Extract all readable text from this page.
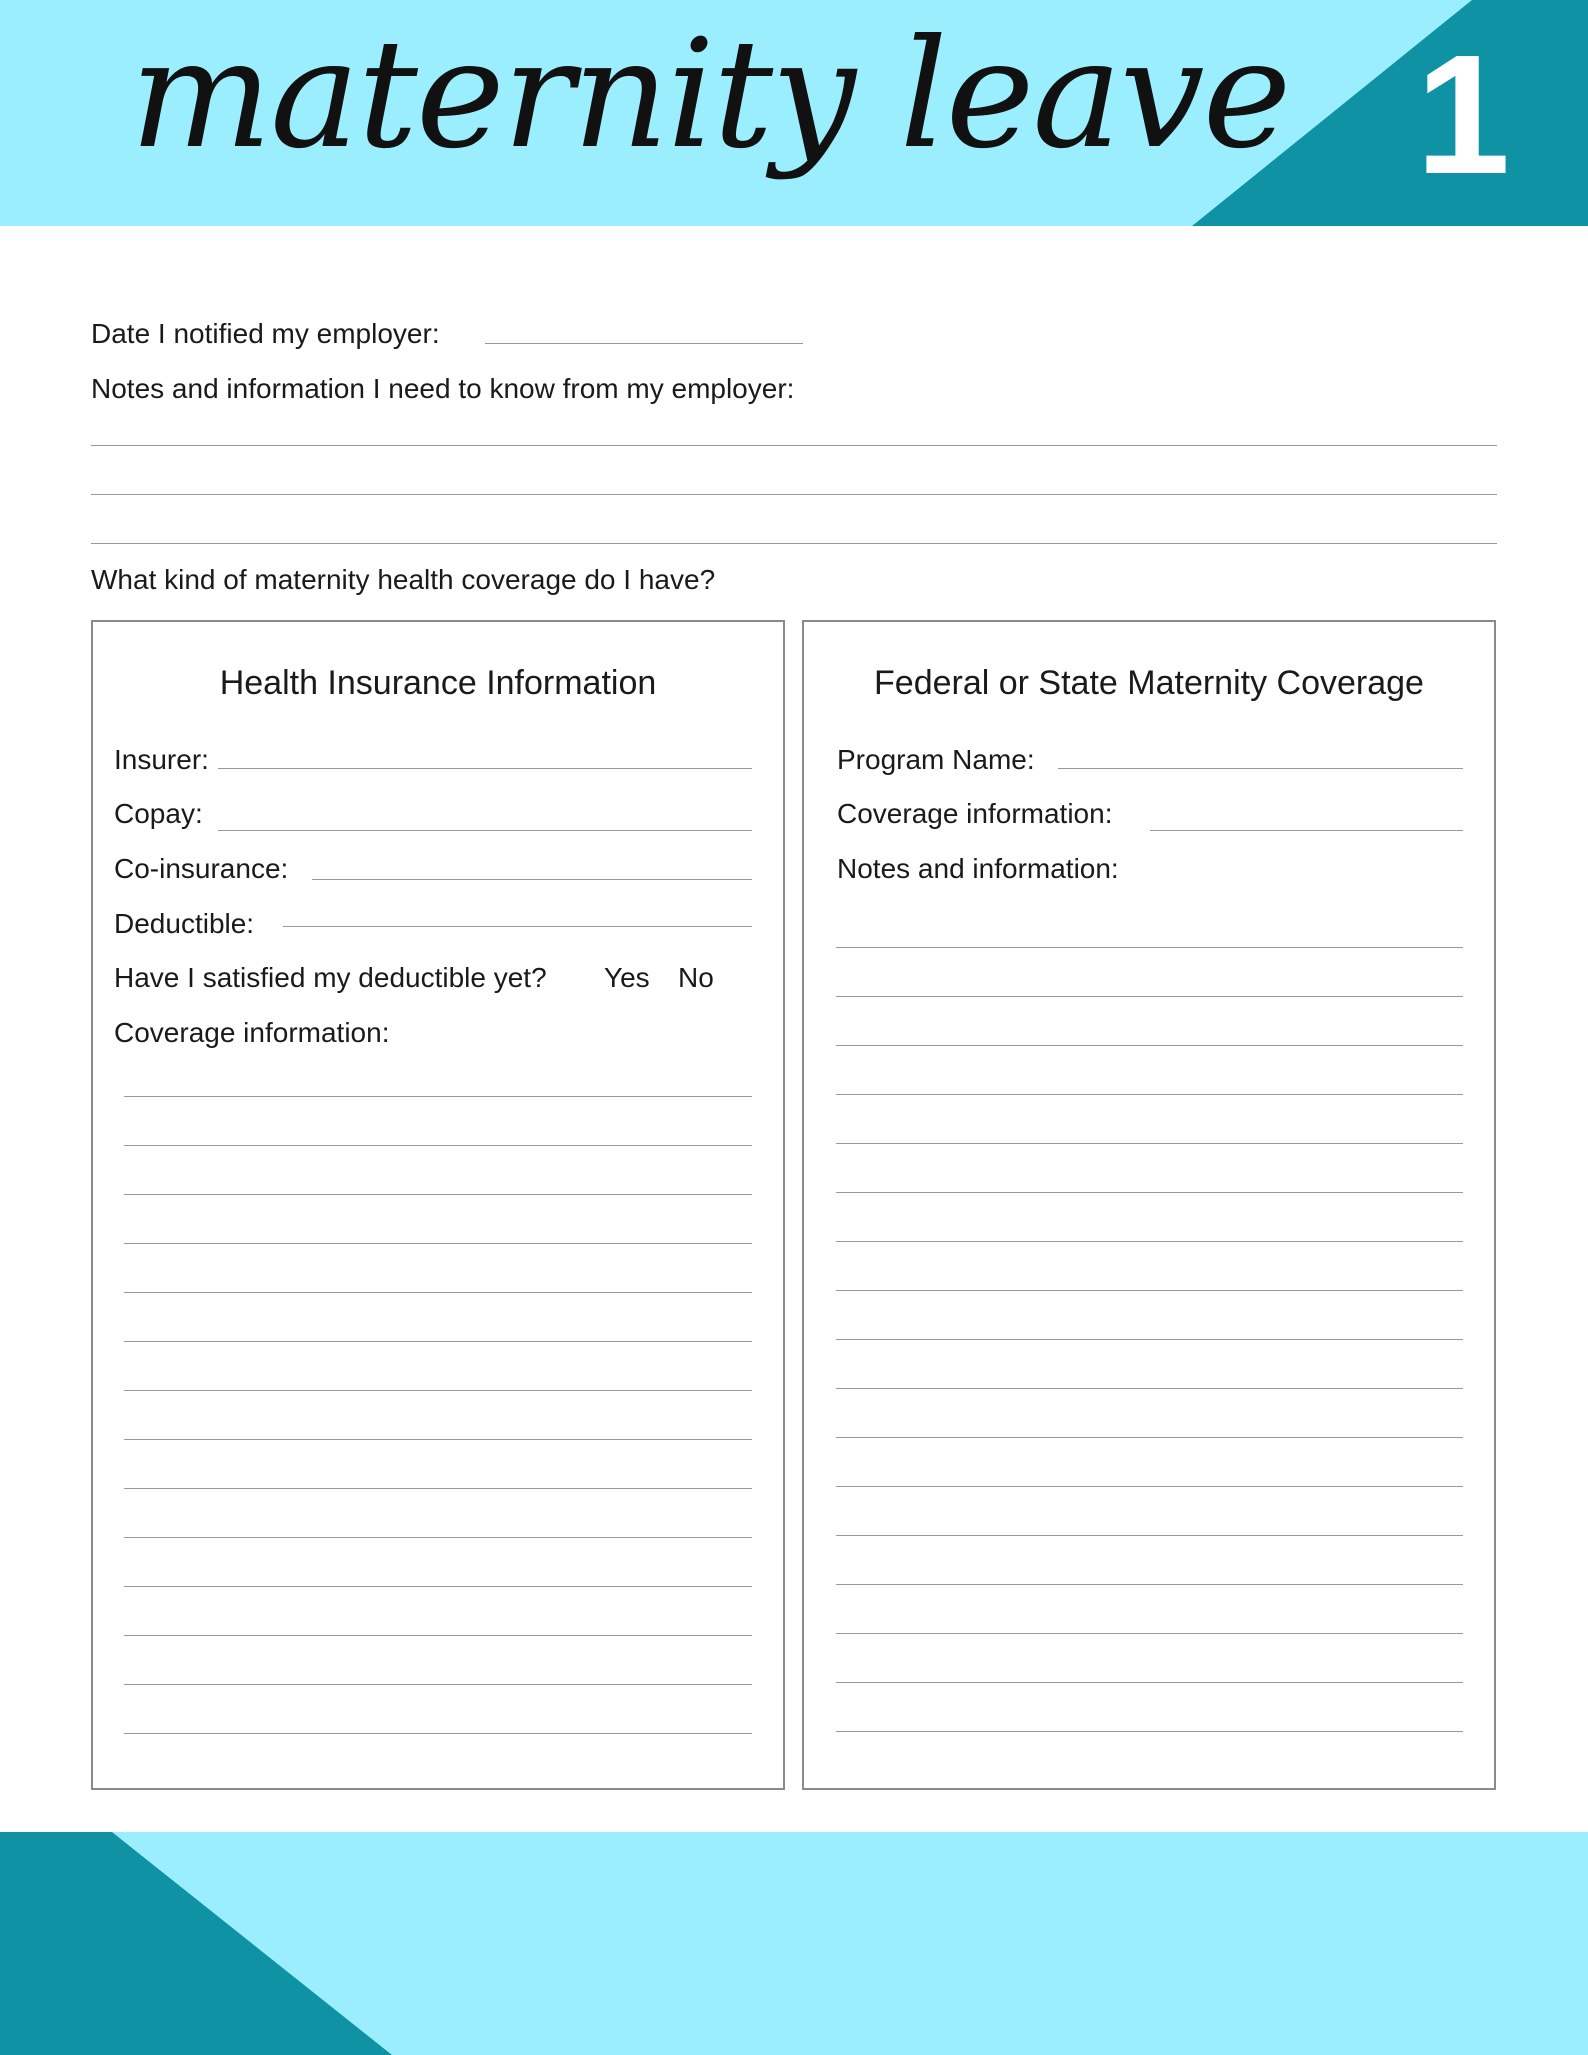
maternity leave 1
Date I notified my employer:
Notes and information I need to know from my employer:
What kind of maternity health coverage do I have?
Health Insurance Information
Insurer:
Copay:
Co-insurance:
Deductible:
Have I satisfied my deductible yet? Yes No
Coverage information:
Federal or State Maternity Coverage
Program Name:
Coverage information:
Notes and information:
